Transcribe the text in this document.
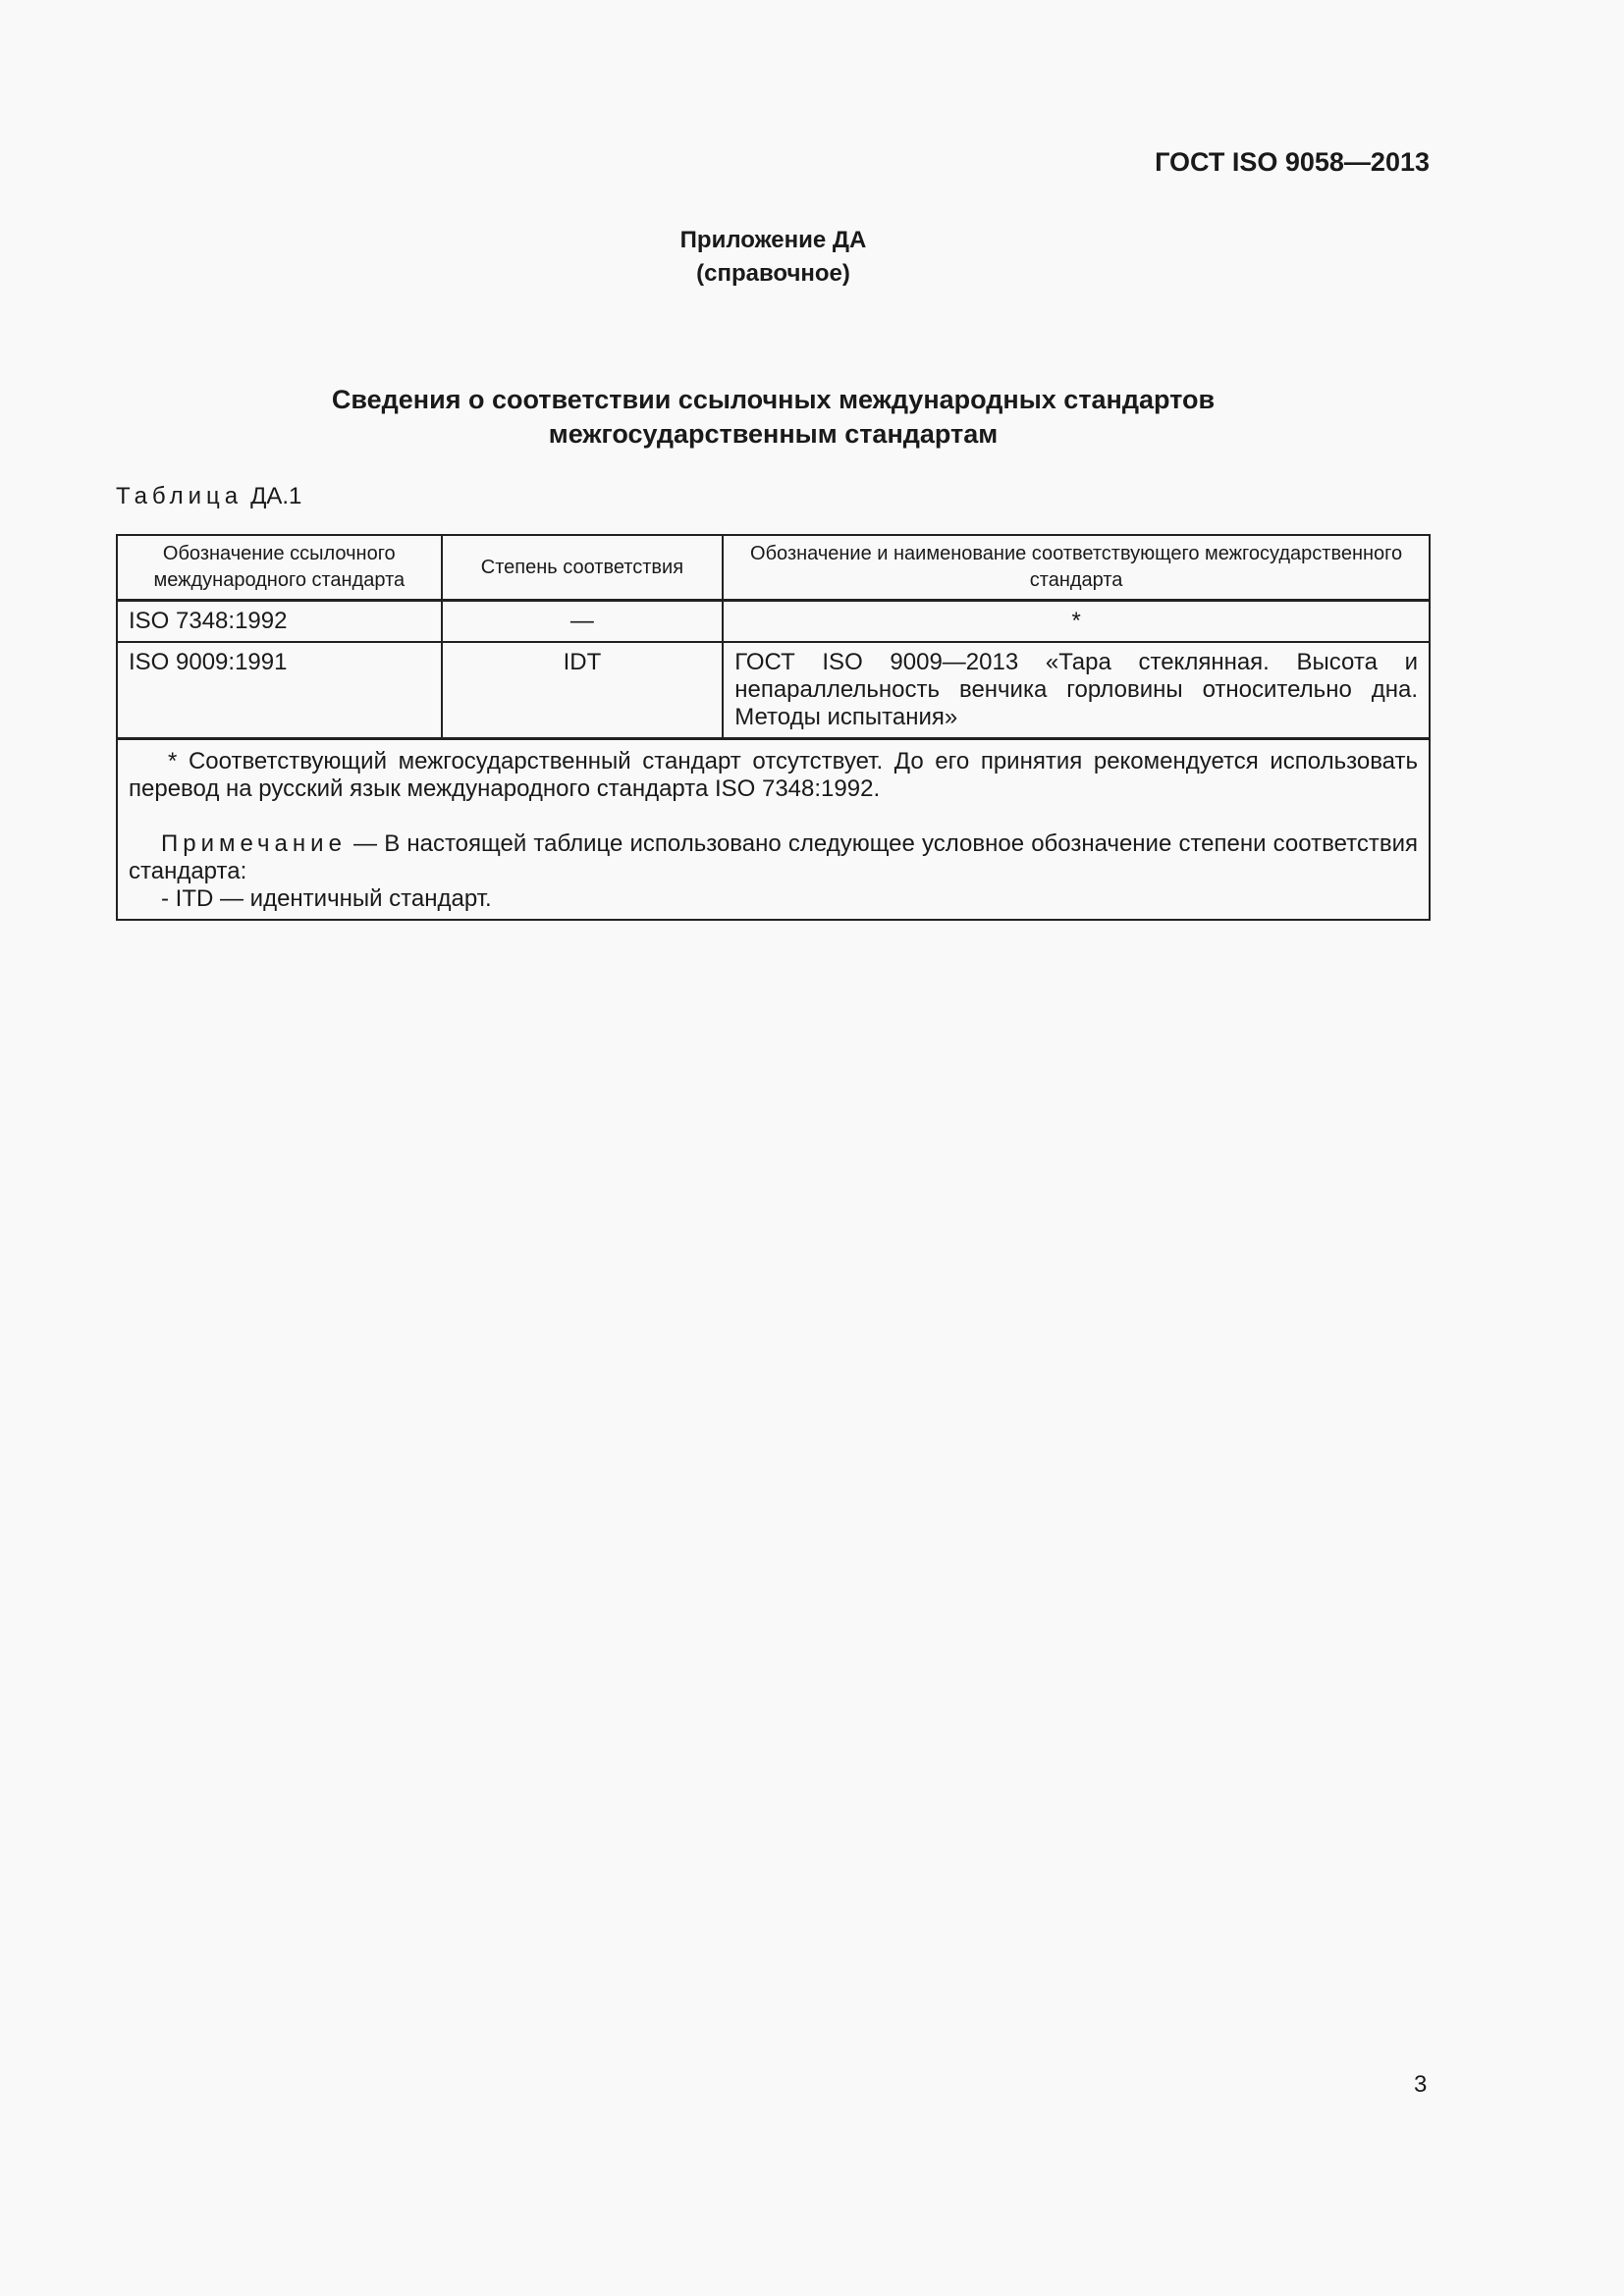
ГОСТ ISO 9058—2013
Приложение ДА
(справочное)
Сведения о соответствии ссылочных международных стандартов
межгосударственным стандартам
Таблица ДА.1
Обозначение ссылочного международного стандарта	Степень соответствия	Обозначение и наименование соответствующего межгосударственного стандарта
ISO 7348:1992	—	*
ISO 9009:1991	IDT	ГОСТ ISO 9009—2013 «Тара стеклянная. Высота и непараллельность венчика горловины относительно дна. Методы испытания»

* Соответствующий межгосударственный стандарт отсутствует. До его принятия рекомендуется использовать перевод на русский язык международного стандарта ISO 7348:1992.
Примечание — В настоящей таблице использовано следующее условное обозначение степени соответствия стандарта:
- ITD — идентичный стандарт.		
3
